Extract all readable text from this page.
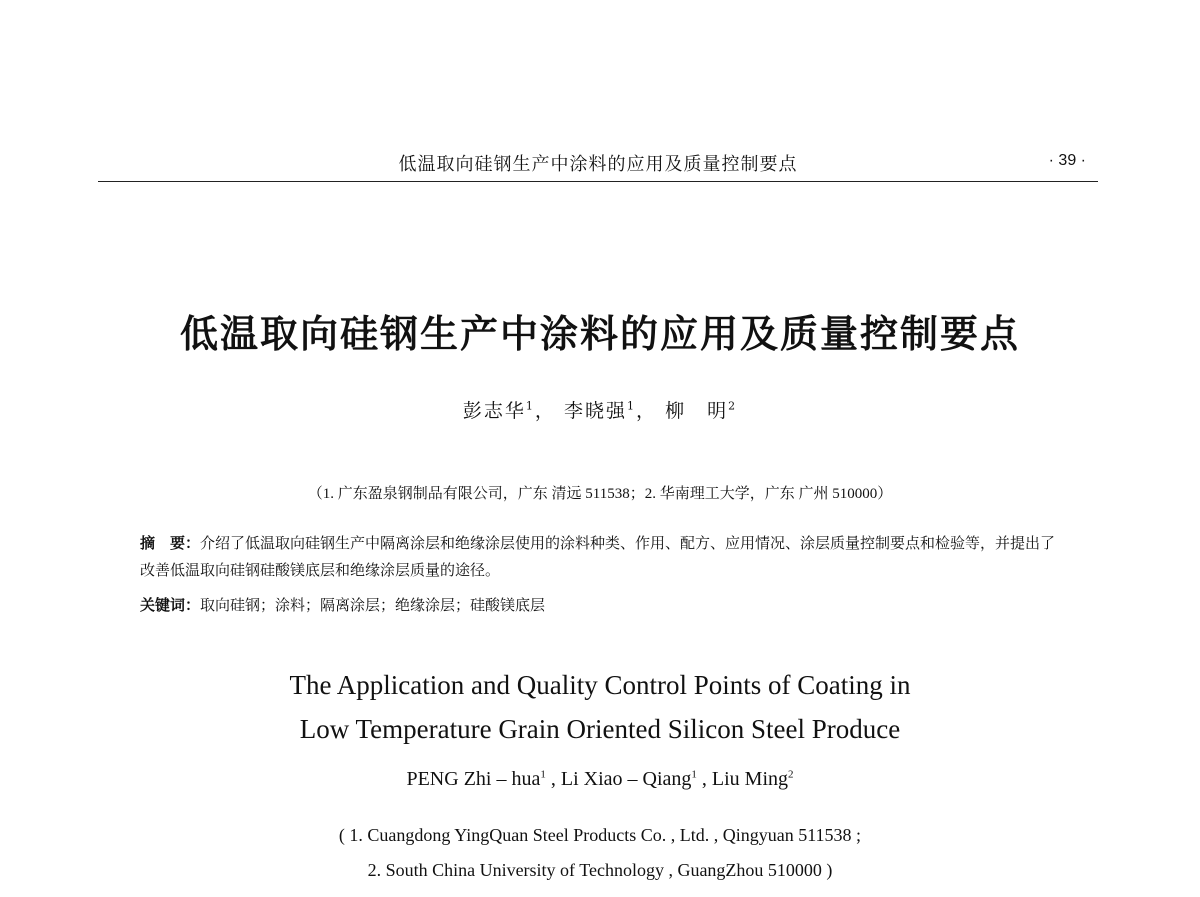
低温取向硅钢生产中涂料的应用及质量控制要点	· 39 ·
低温取向硅钢生产中涂料的应用及质量控制要点
彭志华$^1$， 李晓强$^1$， 柳　明$^2$
（1. 广东盈泉钢制品有限公司，广东 清远 511538；2. 华南理工大学，广东 广州 510000）
摘　要：介绍了低温取向硅钢生产中隔离涂层和绝缘涂层使用的涂料种类、作用、配方、应用情况、涂层质量控制要点和检验等，并提出了改善低温取向硅钢硅酸镁底层和绝缘涂层质量的途径。
关键词：取向硅钢；涂料；隔离涂层；绝缘涂层；硅酸镁底层
The Application and Quality Control Points of Coating in
Low Temperature Grain Oriented Silicon Steel Produce
PENG Zhi – hua$^1$ , Li Xiao – Qiang$^1$ , Liu Ming$^2$
( 1. Cuangdong YingQuan Steel Products Co. , Ltd. , Qingyuan 511538 ;
2. South China University of Technology , GuangZhou 510000 )
